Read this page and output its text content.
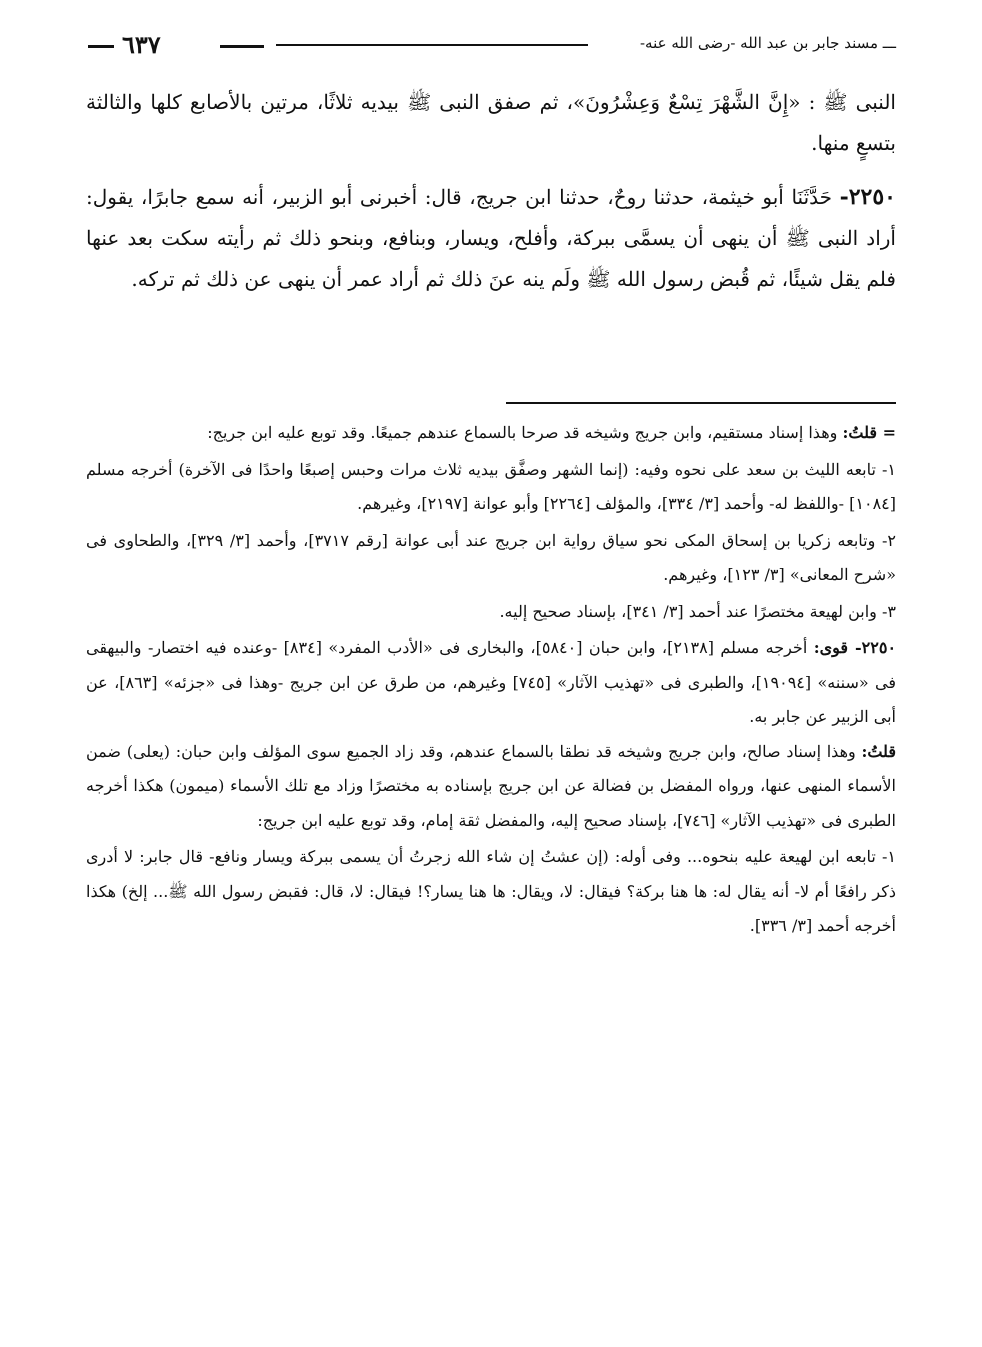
ـــ مسند جابر بن عبد الله -رضى الله عنه-
٦٣٧

النبى ﷺ : «إِنَّ الشَّهْرَ تِسْعٌ وَعِشْرُونَ»، ثم صفق النبى ﷺ بيديه ثلاثًا، مرتين بالأصابع كلها والثالثة بتسعٍ منها.

٢٢٥٠- حَدَّثَنَا أبو خيثمة، حدثنا روحٌ، حدثنا ابن جريج، قال: أخبرنى أبو الزبير، أنه سمع جابرًا، يقول: أراد النبى ﷺ أن ينهى أن يسمَّى ببركة، وأفلح، ويسار، وبنافع، وبنحو ذلك ثم رأيته سكت بعد عنها فلم يقل شيئًا، ثم قُبض رسول الله ﷺ ولَم ينه عنَ ذلك ثم أراد عمر أن ينهى عن ذلك ثم تركه.

= قلتُ: وهذا إسناد مستقيم، وابن جريج وشيخه قد صرحا بالسماع عندهم جميعًا. وقد توبع عليه ابن جريج:

١- تابعه الليث بن سعد على نحوه وفيه: (إنما الشهر وصفَّق بيديه ثلاث مرات وحبس إصبعًا واحدًا فى الآخرة) أخرجه مسلم [١٠٨٤] -واللفظ له- وأحمد [٣/ ٣٣٤]، والمؤلف [٢٢٦٤] وأبو عوانة [٢١٩٧]، وغيرهم.

٢- وتابعه زكريا بن إسحاق المكى نحو سياق رواية ابن جريج عند أبى عوانة [رقم ٣٧١٧]، وأحمد [٣/ ٣٢٩]، والطحاوى فى «شرح المعانى» [٣/ ١٢٣]، وغيرهم.

٣- وابن لهيعة مختصرًا عند أحمد [٣/ ٣٤١]، بإسناد صحيح إليه.

٢٢٥٠- قوى: أخرجه مسلم [٢١٣٨]، وابن حبان [٥٨٤٠]، والبخارى فى «الأدب المفرد» [٨٣٤] -وعنده فيه اختصار- والبيهقى فى «سننه» [١٩٠٩٤]، والطبرى فى «تهذيب الآثار» [٧٤٥] وغيرهم، من طرق عن ابن جريج -وهذا فى «جزئه» [٨٦٣]، عن أبى الزبير عن جابر به.

قلتُ: وهذا إسناد صالح، وابن جريج وشيخه قد نطقا بالسماع عندهم، وقد زاد الجميع سوى المؤلف وابن حبان: (يعلى) ضمن الأسماء المنهى عنها، ورواه المفضل بن فضالة عن ابن جريج بإسناده به مختصرًا وزاد مع تلك الأسماء (ميمون) هكذا أخرجه الطبرى فى «تهذيب الآثار» [٧٤٦]، بإسناد صحيح إليه، والمفضل ثقة إمام، وقد توبع عليه ابن جريج:

١- تابعه ابن لهيعة عليه بنحوه... وفى أوله: (إن عشتُ إن شاء الله زجرتُ أن يسمى ببركة ويسار ونافع- قال جابر: لا أدرى ذكر رافعًا أم لا- أنه يقال له: ها هنا بركة؟ فيقال: لا، ويقال: ها هنا يسار؟! فيقال: لا، قال: فقبض رسول الله ﷺ... إلخ) هكذا أخرجه أحمد [٣/ ٣٣٦].
